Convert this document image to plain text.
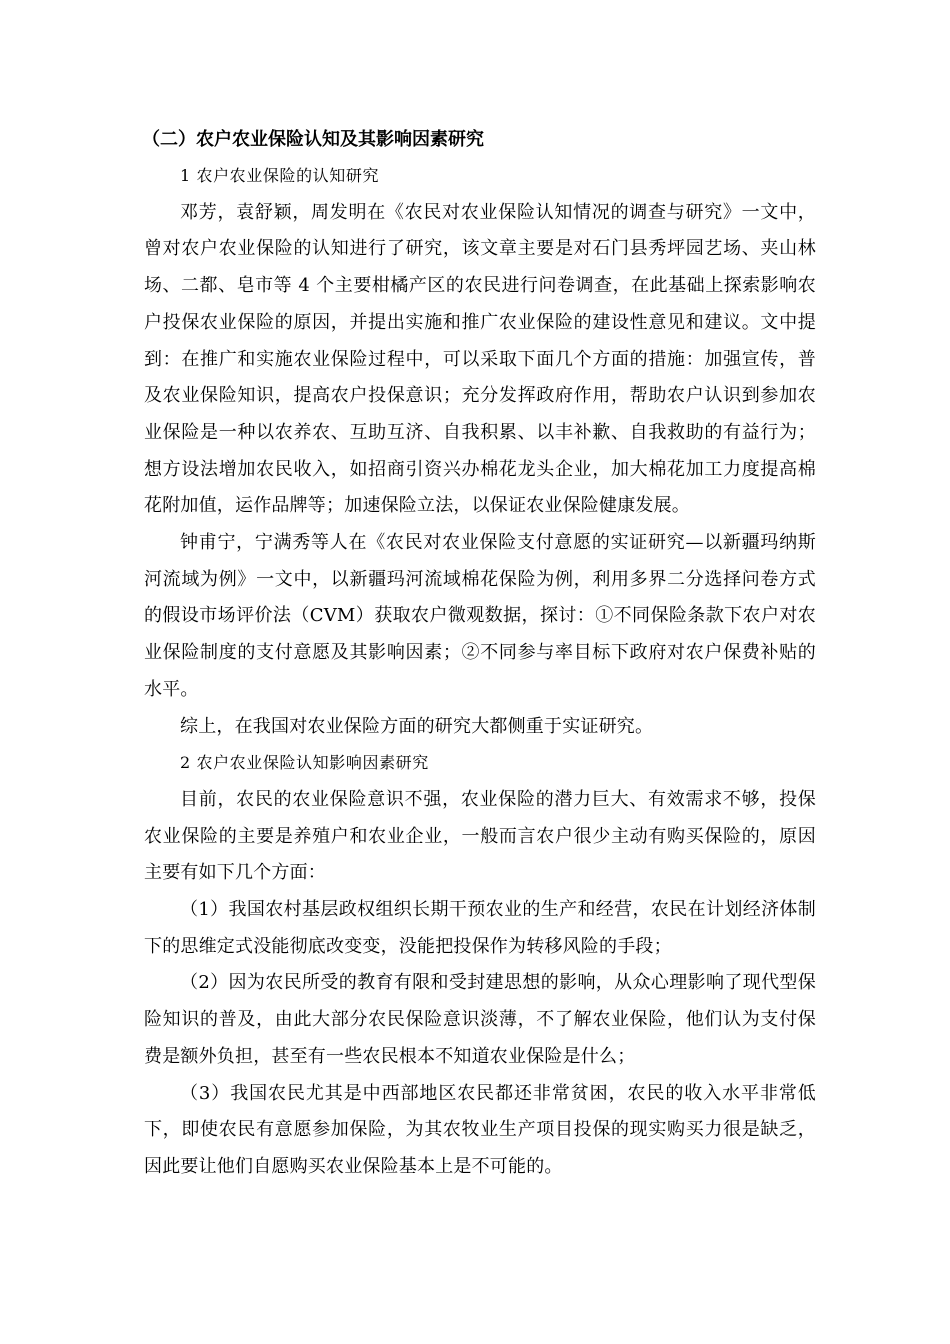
（二）农户农业保险认知及其影响因素研究

1 农户农业保险的认知研究

邓芳，袁舒颖，周发明在《农民对农业保险认知情况的调查与研究》一文中，曾对农户农业保险的认知进行了研究，该文章主要是对石门县秀坪园艺场、夹山林场、二都、皂市等 4 个主要柑橘产区的农民进行问卷调查，在此基础上探索影响农户投保农业保险的原因，并提出实施和推广农业保险的建设性意见和建议。文中提到：在推广和实施农业保险过程中，可以采取下面几个方面的措施：加强宣传，普及农业保险知识，提高农户投保意识；充分发挥政府作用，帮助农户认识到参加农业保险是一种以农养农、互助互济、自我积累、以丰补歉、自我救助的有益行为；想方设法增加农民收入，如招商引资兴办棉花龙头企业，加大棉花加工力度提高棉花附加值，运作品牌等；加速保险立法，以保证农业保险健康发展。

钟甫宁，宁满秀等人在《农民对农业保险支付意愿的实证研究—以新疆玛纳斯河流域为例》一文中，以新疆玛河流域棉花保险为例，利用多界二分选择问卷方式的假设市场评价法（CVM）获取农户微观数据，探讨：①不同保险条款下农户对农业保险制度的支付意愿及其影响因素；②不同参与率目标下政府对农户保费补贴的水平。

综上，在我国对农业保险方面的研究大都侧重于实证研究。

2 农户农业保险认知影响因素研究

目前，农民的农业保险意识不强，农业保险的潜力巨大、有效需求不够，投保农业保险的主要是养殖户和农业企业，一般而言农户很少主动有购买保险的，原因主要有如下几个方面：

（1）我国农村基层政权组织长期干预农业的生产和经营，农民在计划经济体制下的思维定式没能彻底改变变，没能把投保作为转移风险的手段；

（2）因为农民所受的教育有限和受封建思想的影响，从众心理影响了现代型保险知识的普及，由此大部分农民保险意识淡薄，不了解农业保险，他们认为支付保费是额外负担，甚至有一些农民根本不知道农业保险是什么；

（3）我国农民尤其是中西部地区农民都还非常贫困，农民的收入水平非常低下，即使农民有意愿参加保险，为其农牧业生产项目投保的现实购买力很是缺乏，因此要让他们自愿购买农业保险基本上是不可能的。
